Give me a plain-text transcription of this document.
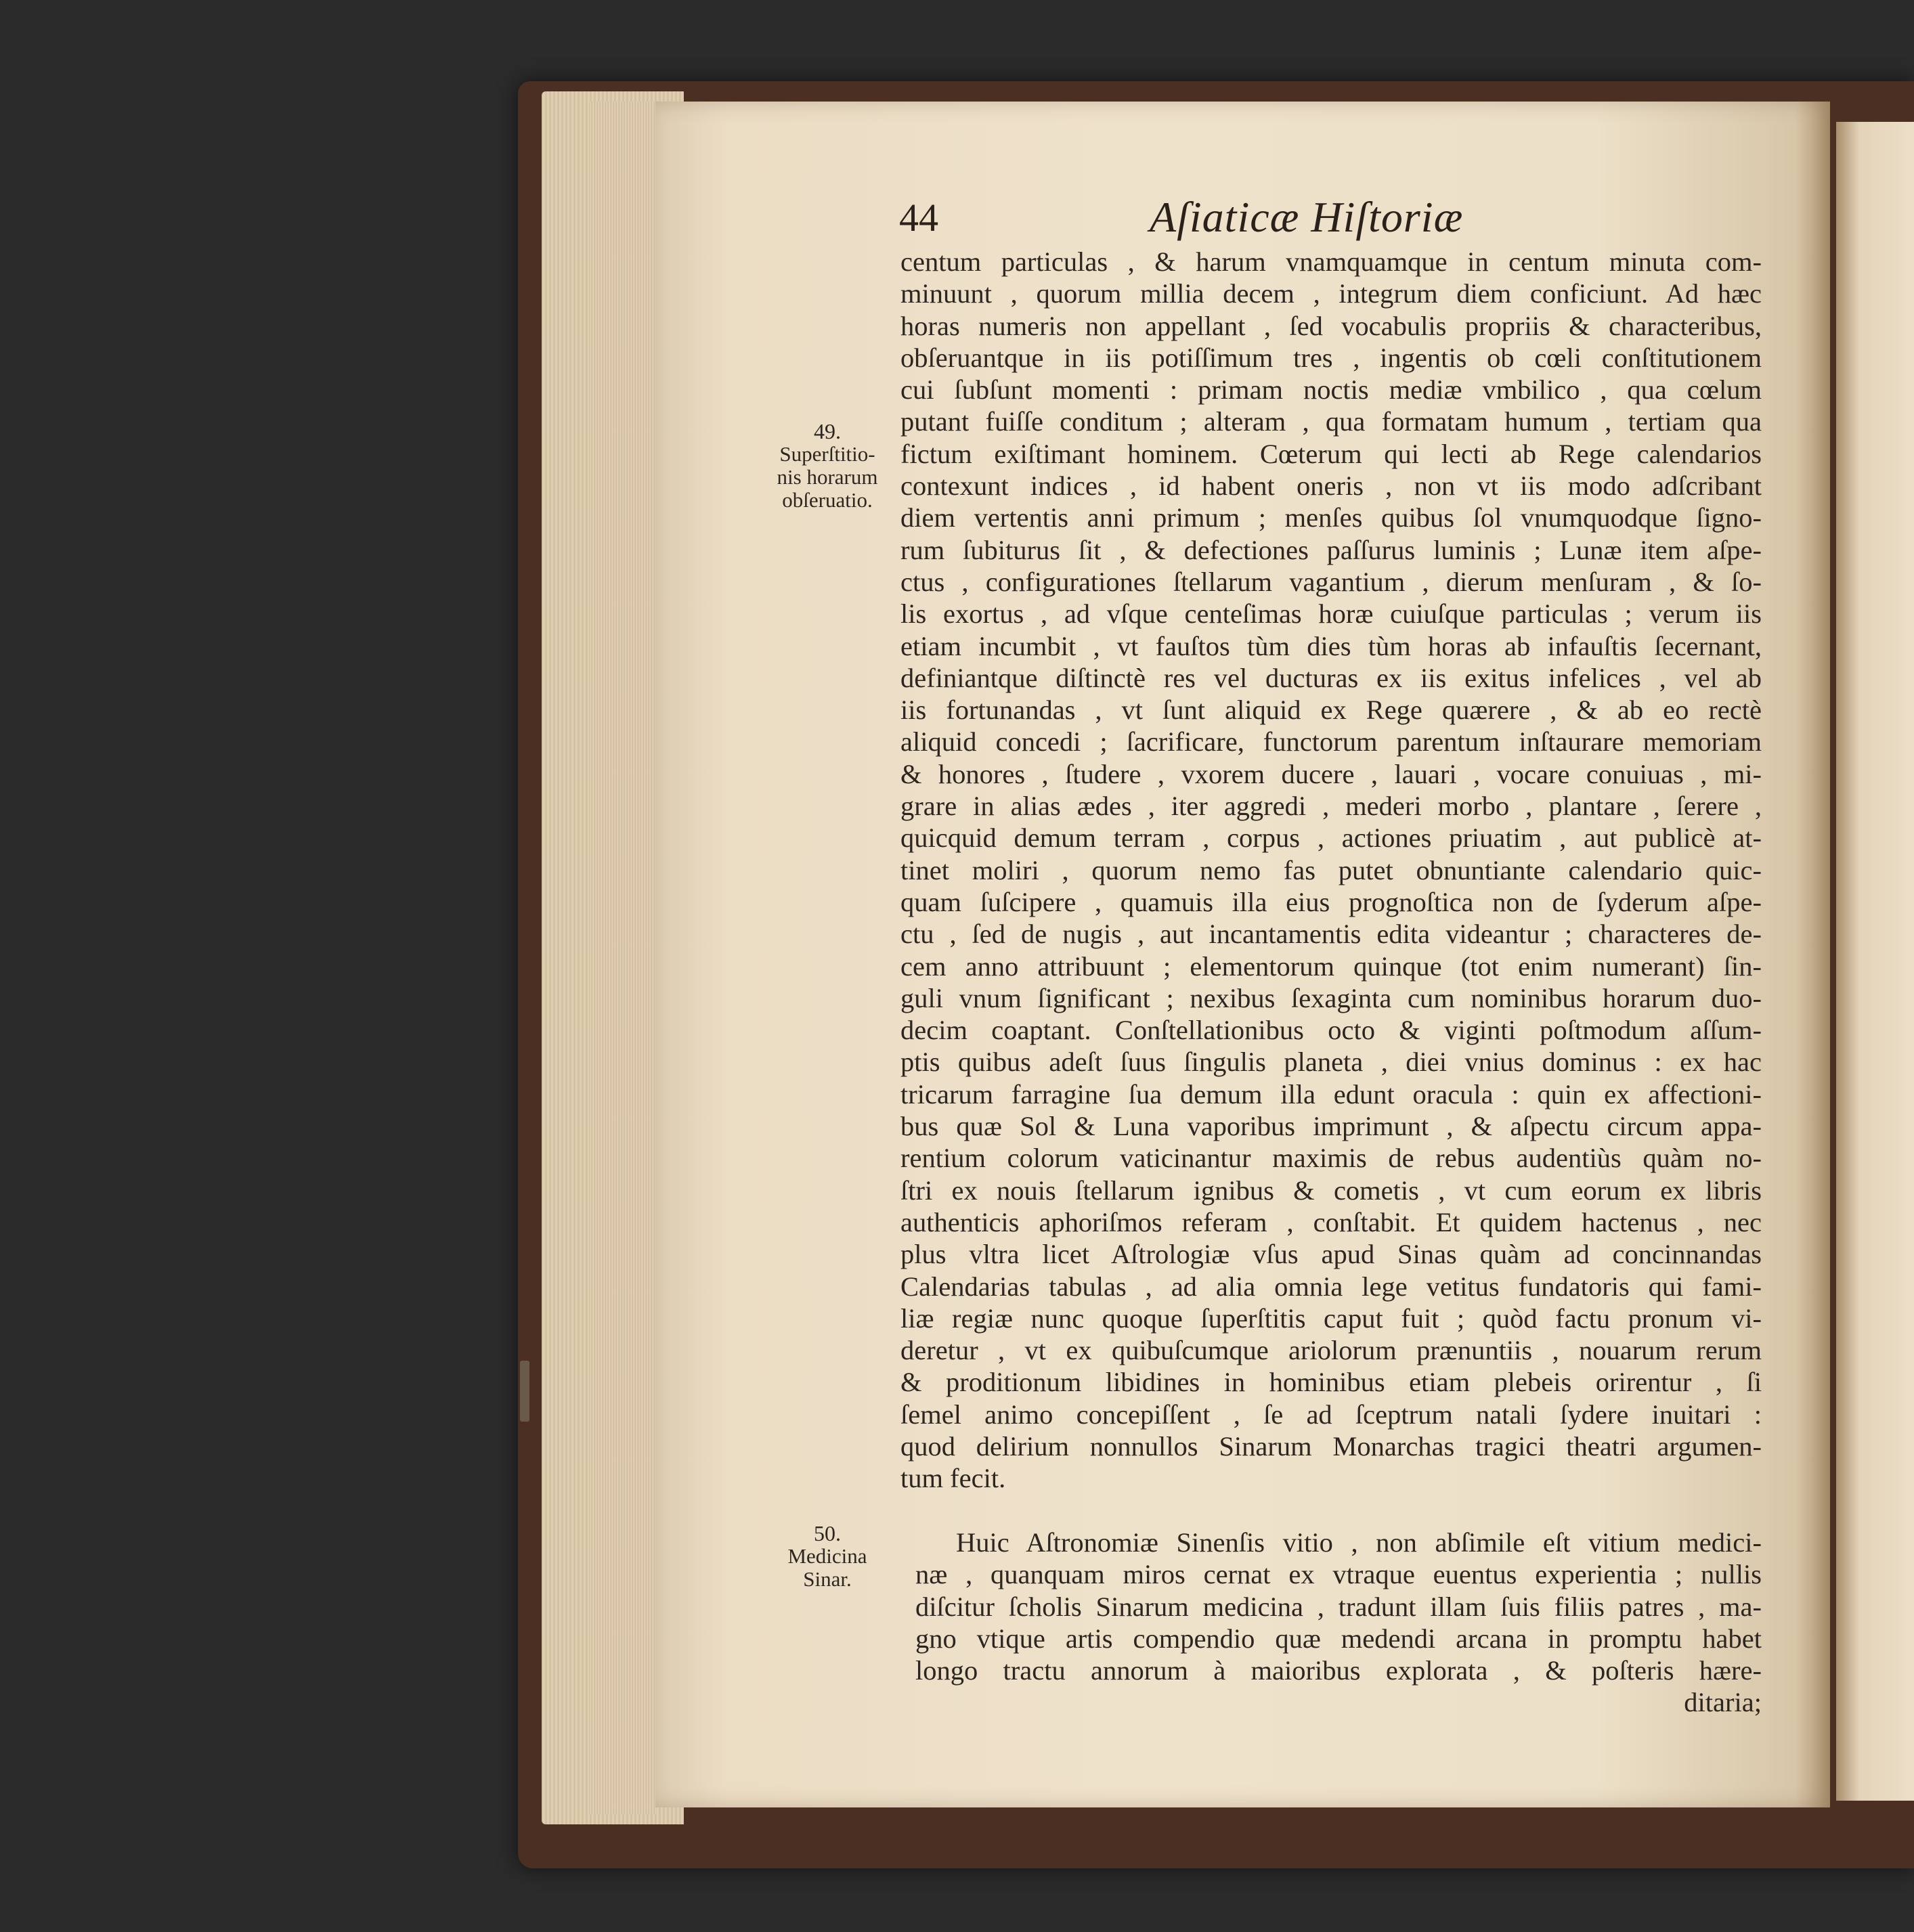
44	Aſiaticæ Hiſtoriæ
49.
Superſtitio-
nis horarum
obſeruatio.
centum particulas , & harum vnamquamque in centum minuta com-
minuunt , quorum millia decem , integrum diem conficiunt. Ad hæc
horas numeris non appellant , ſed vocabulis propriis & characteribus,
obſeruantque in iis potiſſimum tres , ingentis ob cœli conſtitutionem
cui ſubſunt momenti : primam noctis mediæ vmbilico , qua cœlum
putant fuiſſe conditum ; alteram , qua formatam humum , tertiam qua
fictum exiſtimant hominem. Cœterum qui lecti ab Rege calendarios
contexunt indices , id habent oneris , non vt iis modo adſcribant
diem vertentis anni primum ; menſes quibus ſol vnumquodque ſigno-
rum ſubiturus ſit , & defectiones paſſurus luminis ; Lunæ item aſpe-
ctus , configurationes ſtellarum vagantium , dierum menſuram , & ſo-
lis exortus , ad vſque centeſimas horæ cuiuſque particulas ; verum iis
etiam incumbit , vt fauſtos tùm dies tùm horas ab infauſtis ſecernant,
definiantque diſtinctè res vel ducturas ex iis exitus infelices , vel ab
iis fortunandas , vt ſunt aliquid ex Rege quærere , & ab eo rectè
aliquid concedi ; ſacrificare, functorum parentum inſtaurare memoriam
& honores , ſtudere , vxorem ducere , lauari , vocare conuiuas , mi-
grare in alias ædes , iter aggredi , mederi morbo , plantare , ſerere ,
quicquid demum terram , corpus , actiones priuatim , aut publicè at-
tinet moliri , quorum nemo fas putet obnuntiante calendario quic-
quam ſuſcipere , quamuis illa eius prognoſtica non de ſyderum aſpe-
ctu , ſed de nugis , aut incantamentis edita videantur ; characteres de-
cem anno attribuunt ; elementorum quinque (tot enim numerant) ſin-
guli vnum ſignificant ; nexibus ſexaginta cum nominibus horarum duo-
decim coaptant. Conſtellationibus octo & viginti poſtmodum aſſum-
ptis quibus adeſt ſuus ſingulis planeta , diei vnius dominus : ex hac
tricarum farragine ſua demum illa edunt oracula : quin ex affectioni-
bus quæ Sol & Luna vaporibus imprimunt , & aſpectu circum appa-
rentium colorum vaticinantur maximis de rebus audentiùs quàm no-
ſtri ex nouis ſtellarum ignibus & cometis , vt cum eorum ex libris
authenticis aphoriſmos referam , conſtabit. Et quidem hactenus , nec
plus vltra licet Aſtrologiæ vſus apud Sinas quàm ad concinnandas
Calendarias tabulas , ad alia omnia lege vetitus fundatoris qui fami-
liæ regiæ nunc quoque ſuperſtitis caput fuit ; quòd factu pronum vi-
deretur , vt ex quibuſcumque ariolorum prænuntiis , nouarum rerum
& proditionum libidines in hominibus etiam plebeis orirentur , ſi
ſemel animo concepiſſent , ſe ad ſceptrum natali ſydere inuitari :
quod delirium nonnullos Sinarum Monarchas tragici theatri argumen-
tum fecit.
50.
Medicina
Sinar.
Huic Aſtronomiæ Sinenſis vitio , non abſimile eſt vitium medici-
næ , quanquam miros cernat ex vtraque euentus experientia ; nullis
diſcitur ſcholis Sinarum medicina , tradunt illam ſuis filiis patres , ma-
gno vtique artis compendio quæ medendi arcana in promptu habet
longo tractu annorum à maioribus explorata , & poſteris hære-
ditaria;
